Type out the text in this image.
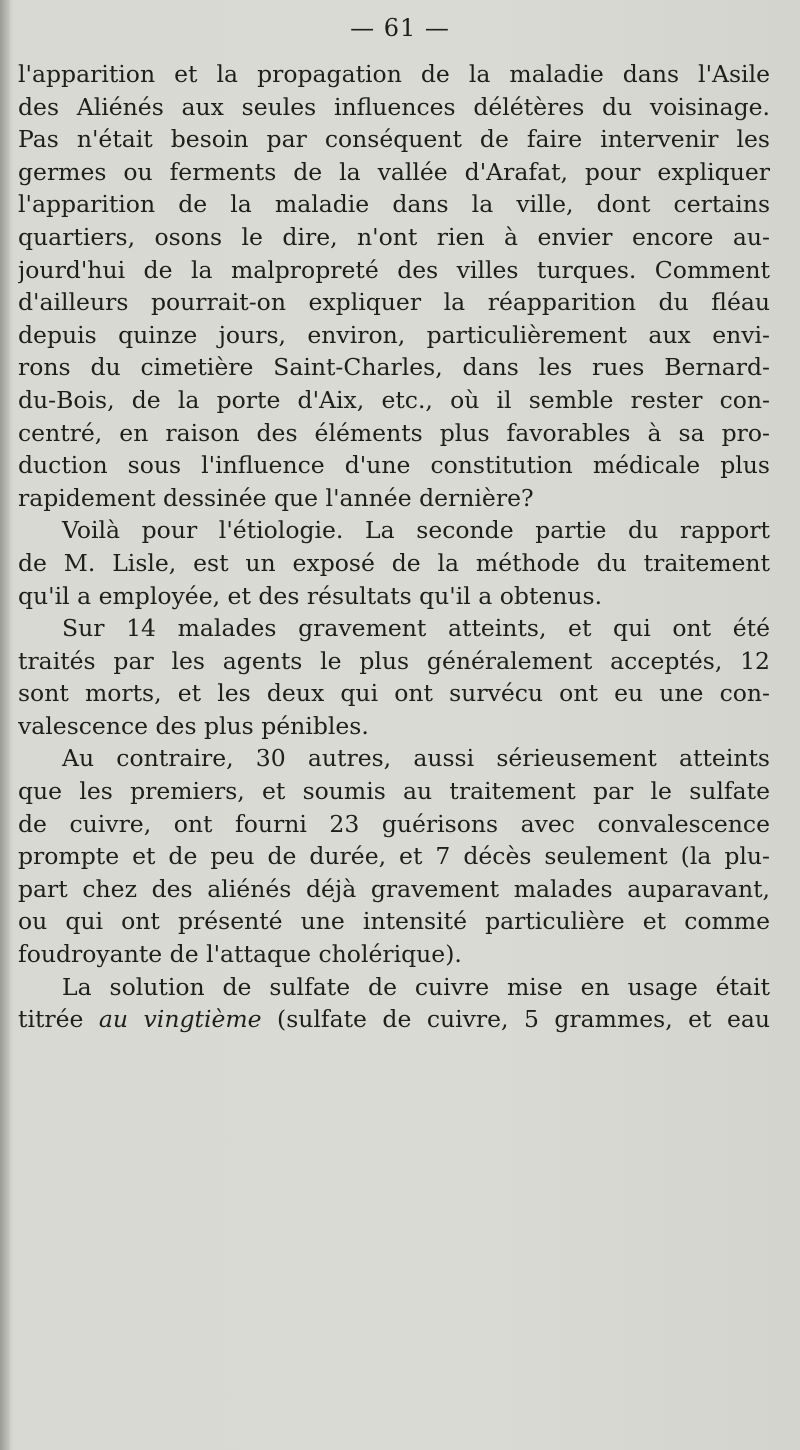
— 61 —
l'apparition et la propagation de la maladie dans l'Asile
des Aliénés aux seules influences délétères du voisinage.
Pas n'était besoin par conséquent de faire intervenir les
germes ou ferments de la vallée d'Arafat, pour expliquer
l'apparition de la maladie dans la ville, dont certains
quartiers, osons le dire, n'ont rien à envier encore au-
jourd'hui de la malpropreté des villes turques. Comment
d'ailleurs pourrait-on expliquer la réapparition du fléau
depuis quinze jours, environ, particulièrement aux envi-
rons du cimetière Saint-Charles, dans les rues Bernard-
du-Bois, de la porte d'Aix, etc., où il semble rester con-
centré, en raison des éléments plus favorables à sa pro-
duction sous l'influence d'une constitution médicale plus
rapidement dessinée que l'année dernière?
Voilà pour l'étiologie. La seconde partie du rapport
de M. Lisle, est un exposé de la méthode du traitement
qu'il a employée, et des résultats qu'il a obtenus.
Sur 14 malades gravement atteints, et qui ont été
traités par les agents le plus généralement acceptés, 12
sont morts, et les deux qui ont survécu ont eu une con-
valescence des plus pénibles.
Au contraire, 30 autres, aussi sérieusement atteints
que les premiers, et soumis au traitement par le sulfate
de cuivre, ont fourni 23 guérisons avec convalescence
prompte et de peu de durée, et 7 décès seulement (la plu-
part chez des aliénés déjà gravement malades auparavant,
ou qui ont présenté une intensité particulière et comme
foudroyante de l'attaque cholérique).
La solution de sulfate de cuivre mise en usage était
titrée au vingtième (sulfate de cuivre, 5 grammes, et eau
